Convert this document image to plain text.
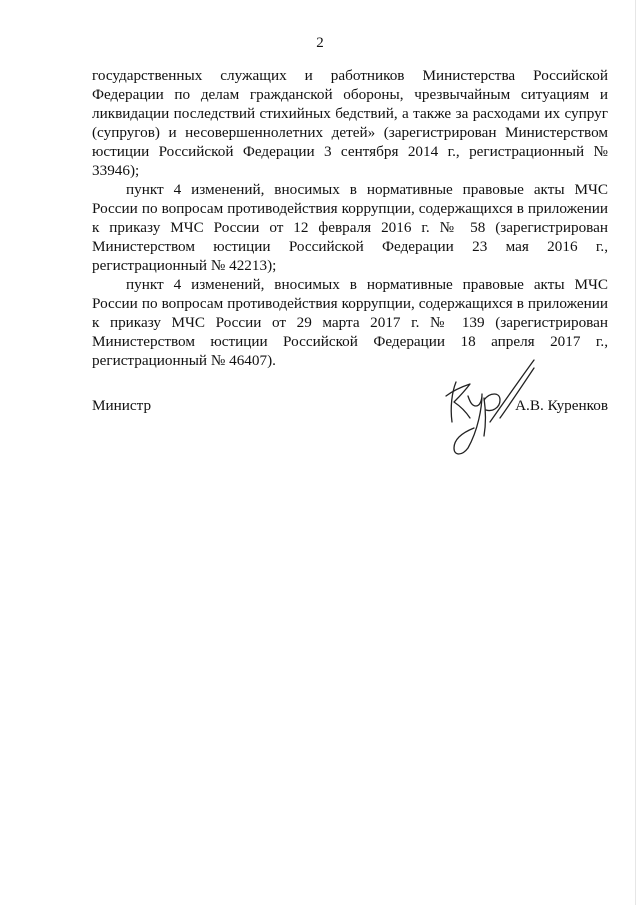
2

государственных служащих и работников Министерства Российской Федерации по делам гражданской обороны, чрезвычайным ситуациям и ликвидации последствий стихийных бедствий, а также за расходами их супруг (супругов) и несовершеннолетних детей» (зарегистрирован Министерством юстиции Российской Федерации 3 сентября 2014 г., регистрационный № 33946);

пункт 4 изменений, вносимых в нормативные правовые акты МЧС России по вопросам противодействия коррупции, содержащихся в приложении к приказу МЧС России от 12 февраля 2016 г. № 58 (зарегистрирован Министерством юстиции Российской Федерации 23 мая 2016 г., регистрационный № 42213);

пункт 4 изменений, вносимых в нормативные правовые акты МЧС России по вопросам противодействия коррупции, содержащихся в приложении к приказу МЧС России от 29 марта 2017 г. № 139 (зарегистрирован Министерством юстиции Российской Федерации 18 апреля 2017 г., регистрационный № 46407).

Министр	А.В. Куренков
